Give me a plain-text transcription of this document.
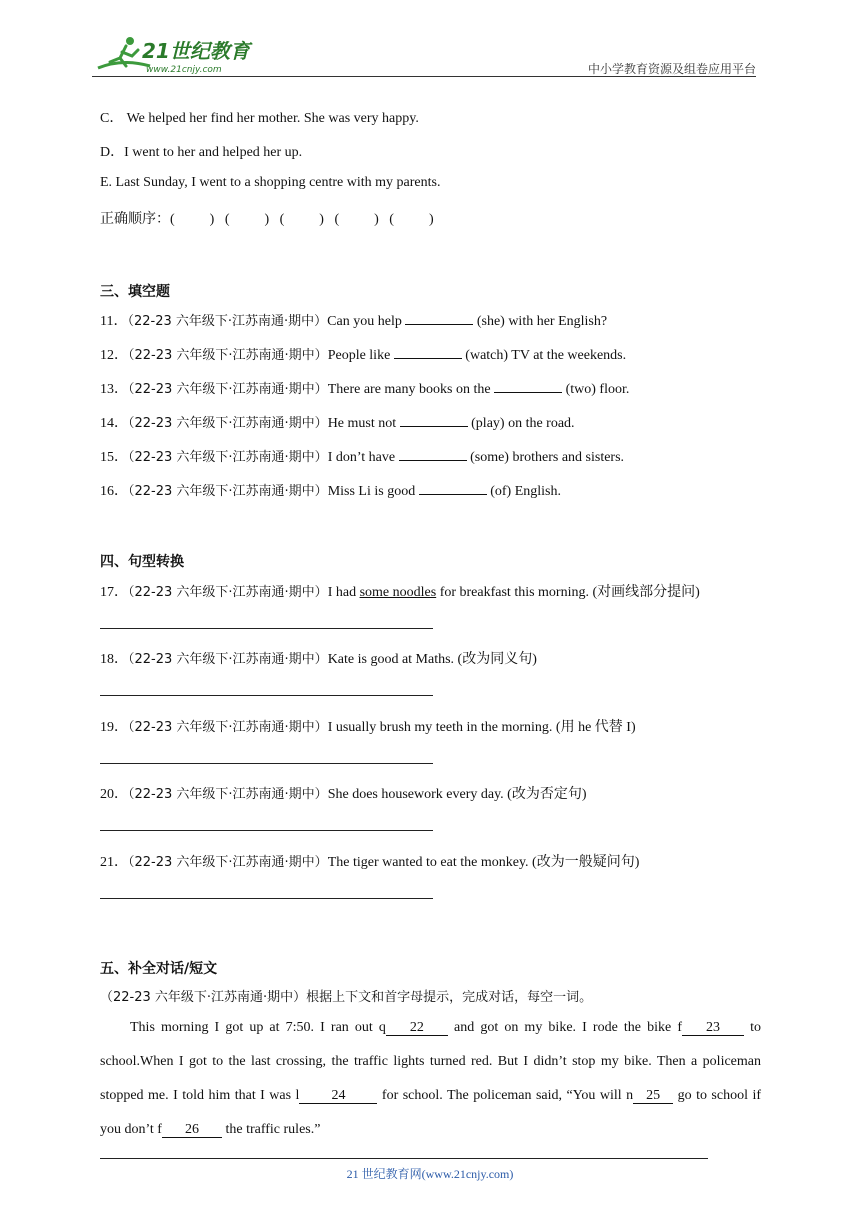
21世纪教育
www.21cnjy.com	中小学教育资源及组卷应用平台
C． We helped her find her mother. She was very happy.
D．I went to her and helped her up.
E. Last Sunday, I went to a shopping centre with my parents.
正确顺序：(          )   (          )   (          )   (          )   (          )
三、填空题
11．（22-23 六年级下·江苏南通·期中）Can you help	(she) with her English?
12．（22-23 六年级下·江苏南通·期中）People like	(watch) TV at the weekends.
13．（22-23 六年级下·江苏南通·期中）There are many books on the	(two) floor.
14．（22-23 六年级下·江苏南通·期中）He must not	(play) on the road.
15．（22-23 六年级下·江苏南通·期中）I don’t have	(some) brothers and sisters.
16．（22-23 六年级下·江苏南通·期中）Miss Li is good	(of) English.
四、句型转换
17．（22-23 六年级下·江苏南通·期中）I had some noodles for breakfast this morning. (对画线部分提问)
18．（22-23 六年级下·江苏南通·期中）Kate is good at Maths. (改为同义句)
19．（22-23 六年级下·江苏南通·期中）I usually brush my teeth in the morning. (用 he 代替 I)
20．（22-23 六年级下·江苏南通·期中）She does housework every day. (改为否定句)
21．（22-23 六年级下·江苏南通·期中）The tiger wanted to eat the monkey. (改为一般疑问句)
五、补全对话/短文
（22-23 六年级下·江苏南通·期中）根据上下文和首字母提示，完成对话，每空一词。
This morning I got up at 7:50. I ran out q 22 and got on my bike. I rode the bike f 23 to school.When I got to the last crossing, the traffic lights turned red. But I didn’t stop my bike. Then a policeman stopped me. I told him that I was l 24 for school. The policeman said, “You will n 25 go to school if you don’t f 26 the traffic rules.”
21 世纪教育网(www.21cnjy.com)
